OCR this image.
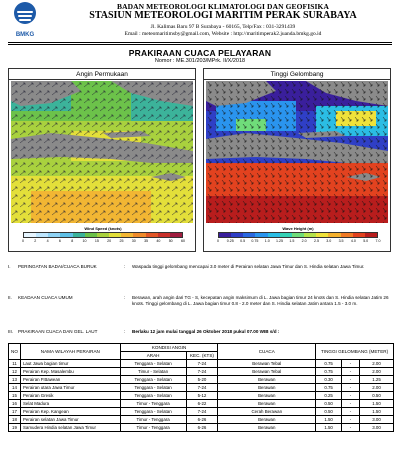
BMKG
BADAN METEOROLOGI KLIMATOLOGI DAN GEOFISIKA
STASIUN METEOROLOGI MARITIM PERAK SURABAYA
Jl. Kalimas Baru 97 B Surabaya - 60165, Telp/Fax : 031-3291439
Email : meteomaritimsby@gmail.com, Website : http://maritimperak2.juanda.bmkg.go.id
PRAKIRAAN CUACA PELAYARAN
Nomor : ME.301/203/MPrk. II/X/2018
Angin Permukaan
Wind Speed (knots)
0	2	4	6	8	10 15 20 25 30 35 40 50 60
Tinggi Gelombang
Wave Height (m)
0 0.25 0.5 0.75 1.0 1.25 1.5 2.0 2.5 3.0 3.5 4.0 5.0 7.0
I. PERINGATAN BADAI/CUACA BURUK	: Waspada tinggi gelombang mencapai 3.0 meter di Perairan selatan Jawa Timur dan S. Hindia selatan Jawa Timur.
II. KEADAAN CUACA UMUM	: Berawan, arah angin dari TG - S, kecepatan angin maksimum di L. Jawa bagian timur 24 knots dan S. Hindia selatan Jatim 26 knots. Tinggi gelombang di L. Jawa bagian timur 0.8 - 2.0 meter dan S. Hindia selatan Jatim antara 1.5 - 3.0 m.
III. PRAKIRAAN CUACA DAN GEL. LAUT	: Berlaku 12 jam mulai tanggal 26 Oktober 2018 pukul 07.00 WIB s/d :
NO	NAMA WILAYAH PERAIRAN	KONDISI ANGIN		CUACA	TINGGI GELOMBANG (METER)		
		ARAH	KEC. (KTS)				
11	Laut Jawa bagian timur	Tenggara - Selatan	7-24	Berawan Tebal	0.75	-	2.00
12	Perairan Kep. Masalembu	Timur - Selatan	7-24	Berawan Tebal	0.75	-	2.00
13	Perairan P.Bawean	Tenggara - Selatan	5-20	Berawan	0.30	-	1.25
14	Perairan utara Jawa Timur	Tenggara - Selatan	7-24	Berawan	0.75	-	2.00
15	Perairan Gresik	Tenggara - Selatan	5-12	Berawan	0.25	-	0.50
16	Selat Madura	Timur - Tenggara	6-22	Berawan	0.50	-	1.50
17	Perairan Kep. Kangean	Tenggara - Selatan	7-24	Cerah Berawan	0.50	-	1.50
18	Perairan selatan Jawa Timur	Timur - Tenggara	6-26	Berawan	1.50	-	3.00
19	Samudera Hindia selatan Jawa Timur	Timur - Tenggara	6-26	Berawan	1.50	-	3.00
